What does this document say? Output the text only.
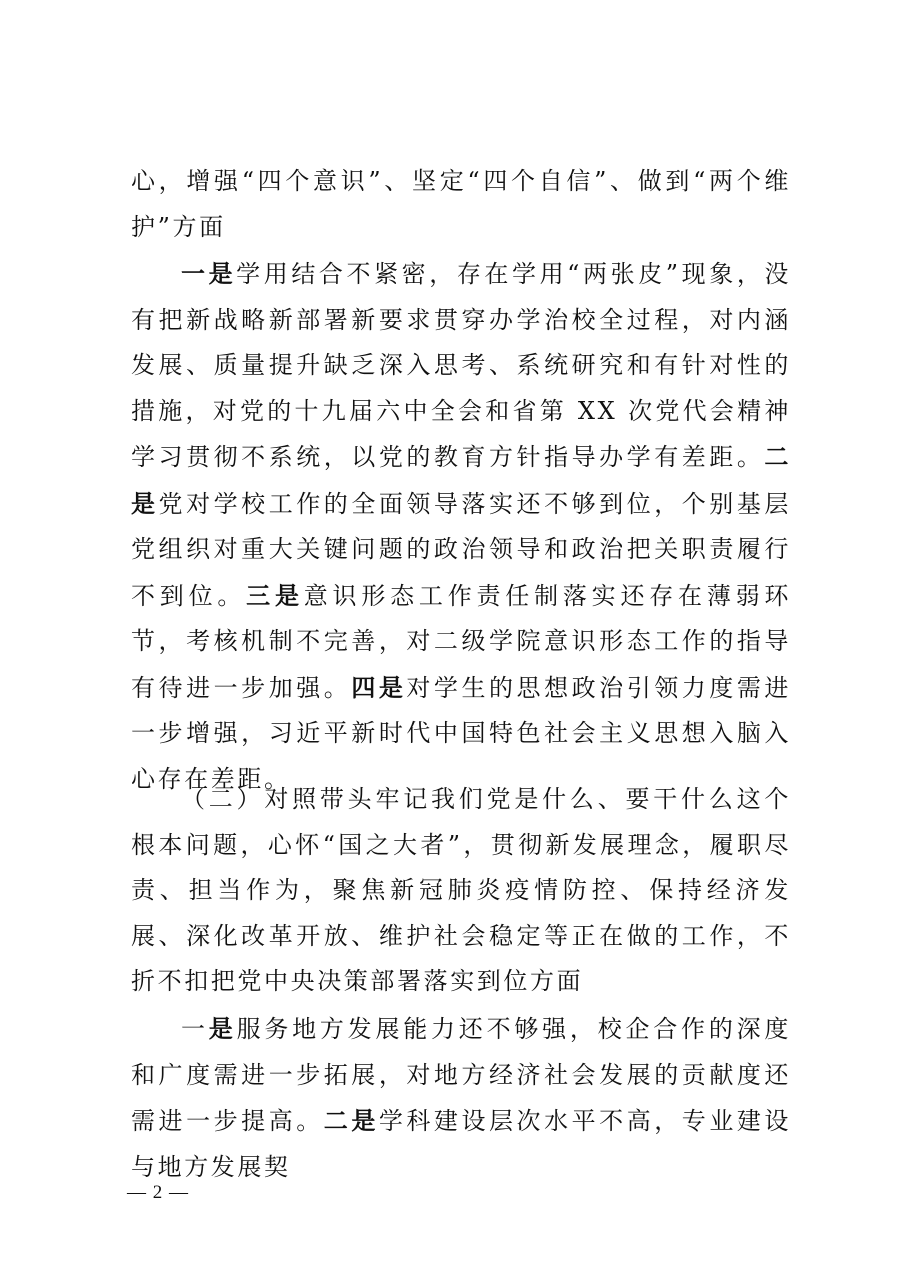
心，增强“四个意识”、坚定“四个自信”、做到“两个维护”方面

一是学用结合不紧密，存在学用“两张皮”现象，没有把新战略新部署新要求贯穿办学治校全过程，对内涵发展、质量提升缺乏深入思考、系统研究和有针对性的措施，对党的十九届六中全会和省第 XX 次党代会精神学习贯彻不系统，以党的教育方针指导办学有差距。二是党对学校工作的全面领导落实还不够到位，个别基层党组织对重大关键问题的政治领导和政治把关职责履行不到位。三是意识形态工作责任制落实还存在薄弱环节，考核机制不完善，对二级学院意识形态工作的指导有待进一步加强。四是对学生的思想政治引领力度需进一步增强，习近平新时代中国特色社会主义思想入脑入心存在差距。

（二）对照带头牢记我们党是什么、要干什么这个根本问题，心怀“国之大者”，贯彻新发展理念，履职尽责、担当作为，聚焦新冠肺炎疫情防控、保持经济发展、深化改革开放、维护社会稳定等正在做的工作，不折不扣把党中央决策部署落实到位方面

一是服务地方发展能力还不够强，校企合作的深度和广度需进一步拓展，对地方经济社会发展的贡献度还需进一步提高。二是学科建设层次水平不高，专业建设与地方发展契

— 2 —
